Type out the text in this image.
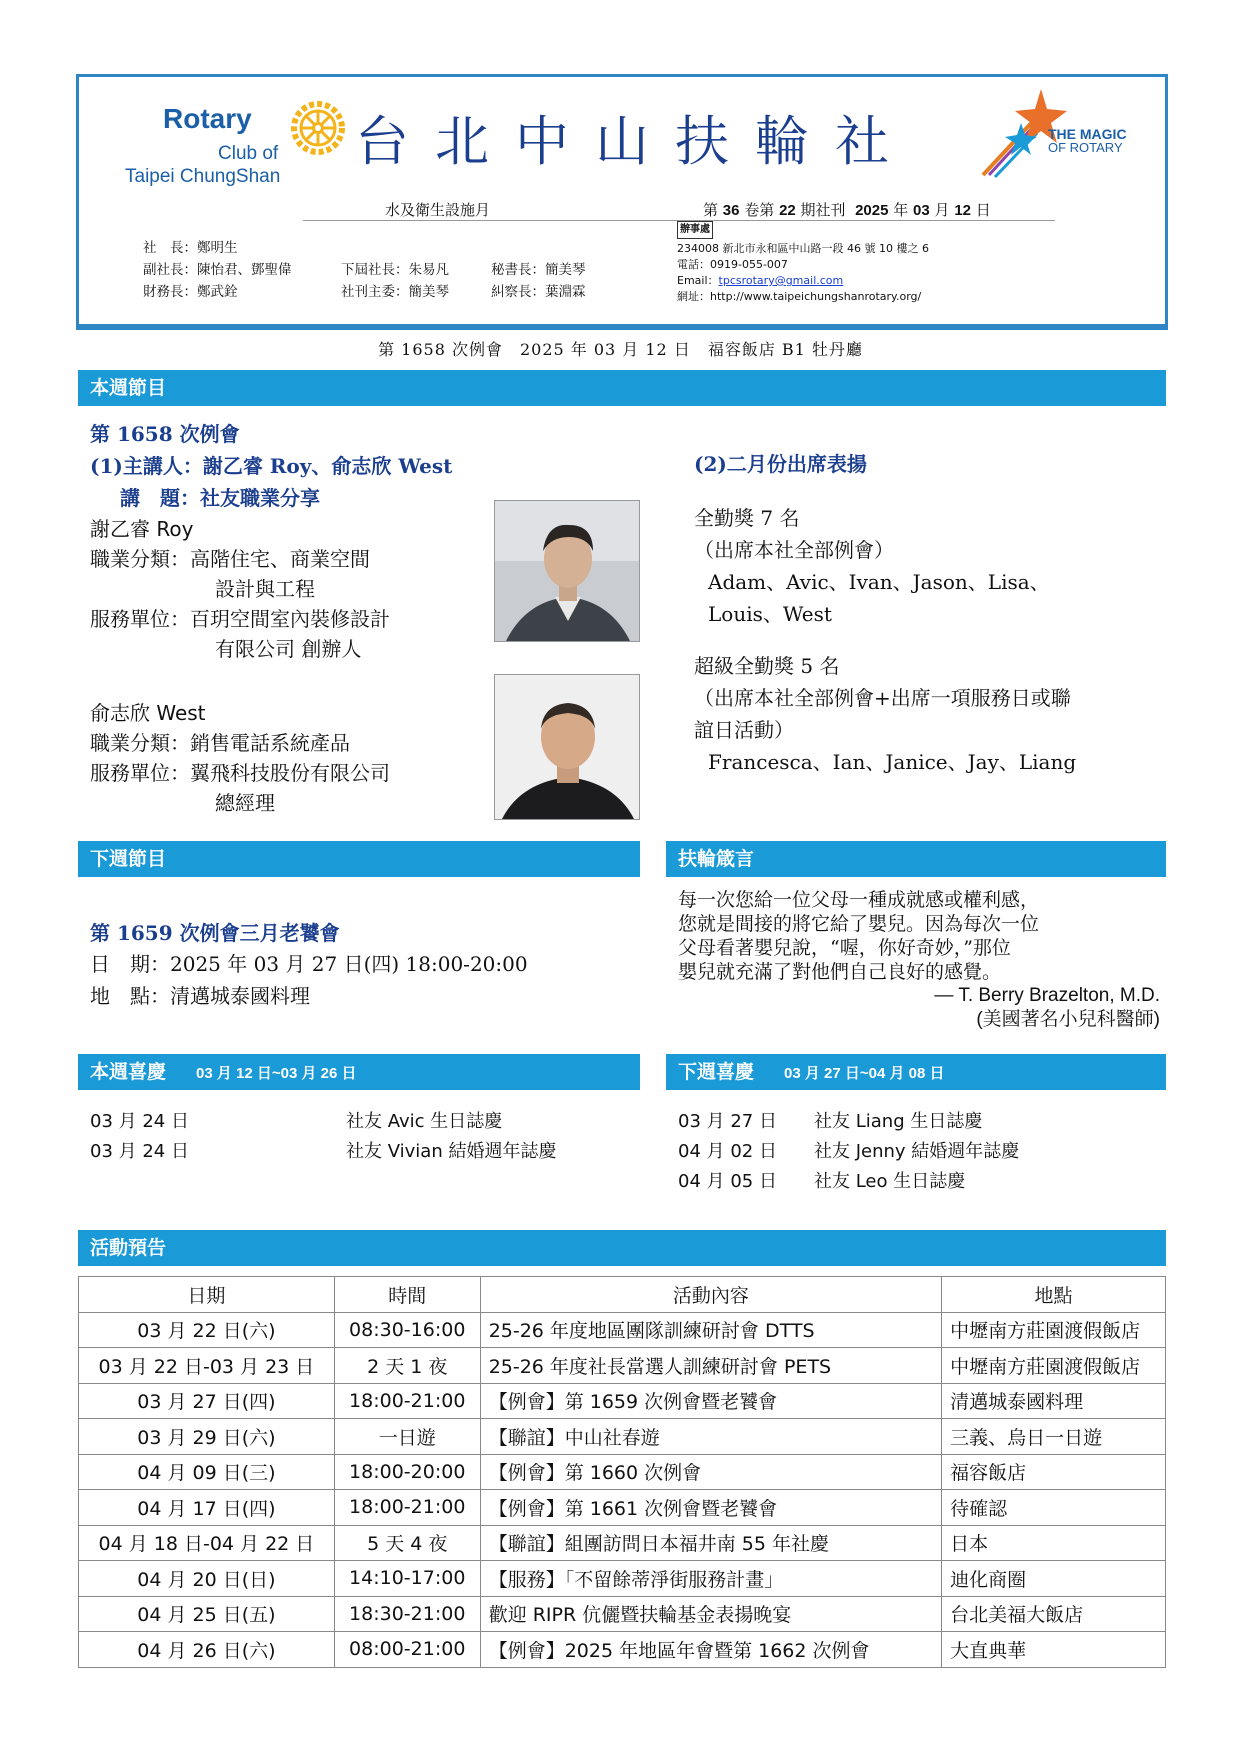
Rotary
Club of
Taipei ChungShan
台北中山扶輪社	THE MAGIC
OF ROTARY
水及衛生設施月	第 36 卷第 22 期社刊 2025 年 03 月 12 日
社　長：鄭明生
副社長：陳怡君、鄧聖偉	下屆社長：朱易凡	秘書長：簡美琴
財務長：鄭武銓	社刊主委：簡美琴	糾察長：葉淵霖
辦事處
234008 新北市永和區中山路一段 46 號 10 樓之 6
電話：0919-055-007
Email：tpcsrotary@gmail.com
網址：http://www.taipeichungshanrotary.org/
第 1658 次例會　2025 年 03 月 12 日　福容飯店 B1 牡丹廳
本週節目
第 1658 次例會
(1)主講人：謝乙睿 Roy、俞志欣 West
講　題：社友職業分享
謝乙睿 Roy
職業分類：高階住宅、商業空間
設計與工程
服務單位：百玥空間室內裝修設計
有限公司 創辦人
俞志欣 West
職業分類：銷售電話系統產品
服務單位：翼飛科技股份有限公司
總經理
(2)二月份出席表揚
全勤獎 7 名
（出席本社全部例會）
Adam、Avic、Ivan、Jason、Lisa、
Louis、West
超級全勤獎 5 名
（出席本社全部例會+出席一項服務日或聯
誼日活動）
Francesca、Ian、Janice、Jay、Liang
下週節目	扶輪箴言
第 1659 次例會三月老饕會
日　期：2025 年 03 月 27 日(四) 18:00-20:00
地　點：清邁城泰國料理
每一次您給一位父母一種成就感或權利感，
您就是間接的將它給了嬰兒。因為每次一位
父母看著嬰兒說，“喔，你好奇妙，”那位
嬰兒就充滿了對他們自己良好的感覺。
— T. Berry Brazelton, M.D.
(美國著名小兒科醫師)
本週喜慶 03 月 12 日~03 月 26 日	下週喜慶 03 月 27 日~04 月 08 日
03 月 24 日	社友 Avic 生日誌慶
03 月 24 日	社友 Vivian 結婚週年誌慶
03 月 27 日 社友 Liang 生日誌慶
04 月 02 日 社友 Jenny 結婚週年誌慶
04 月 05 日 社友 Leo 生日誌慶
活動預告
日期	時間	活動內容	地點
03 月 22 日(六)	08:30-16:00	25-26 年度地區團隊訓練研討會 DTTS	中壢南方莊園渡假飯店
03 月 22 日-03 月 23 日	2 天 1 夜	25-26 年度社長當選人訓練研討會 PETS	中壢南方莊園渡假飯店
03 月 27 日(四)	18:00-21:00	【例會】第 1659 次例會暨老饕會	清邁城泰國料理
03 月 29 日(六)	一日遊	【聯誼】中山社春遊	三義、烏日一日遊
04 月 09 日(三)	18:00-20:00	【例會】第 1660 次例會	福容飯店
04 月 17 日(四)	18:00-21:00	【例會】第 1661 次例會暨老饕會	待確認
04 月 18 日-04 月 22 日	5 天 4 夜	【聯誼】組團訪問日本福井南 55 年社慶	日本
04 月 20 日(日)	14:10-17:00	【服務】「不留餘蒂淨街服務計畫」	迪化商圈
04 月 25 日(五)	18:30-21:00	歡迎 RIPR 伉儷暨扶輪基金表揚晚宴	台北美福大飯店
04 月 26 日(六)	08:00-21:00	【例會】2025 年地區年會暨第 1662 次例會	大直典華
